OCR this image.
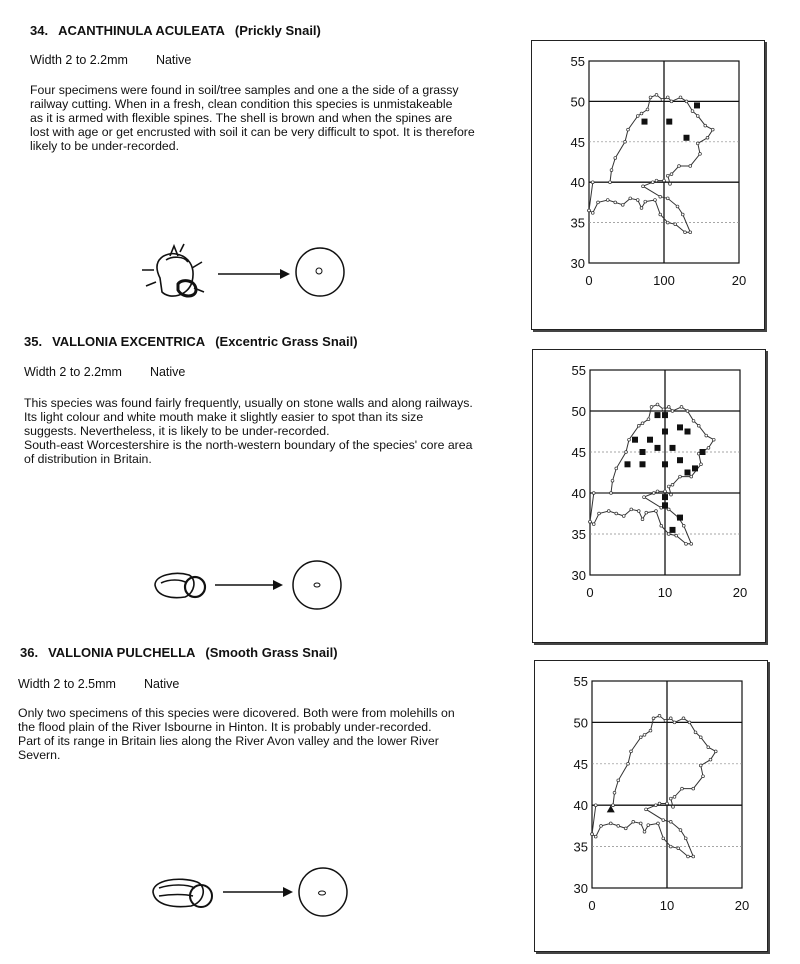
34. ACANTHINULA ACULEATA (Prickly Snail)
Width 2 to 2.2mm Native
Four specimens were found in soil/tree samples and one a the side of a grassy
railway cutting. When in a fresh, clean condition this species is unmistakeable
as it is armed with flexible spines. The shell is brown and when the spines are
lost with age or get encrusted with soil it can be very difficult to spot. It is therefore
likely to be under-recorded.
55
50
45
40
35
30
0	100	20
35. VALLONIA EXCENTRICA (Excentric Grass Snail)
Width 2 to 2.2mm Native
This species was found fairly frequently, usually on stone walls and along railways.
Its light colour and white mouth make it slightly easier to spot than its size
suggests. Nevertheless, it is likely to be under-recorded.
South-east Worcestershire is the north-western boundary of the species' core area
of distribution in Britain.
55
50
45
40
35
30
0	10	20
36. VALLONIA PULCHELLA (Smooth Grass Snail)
Width 2 to 2.5mm Native
Only two specimens of this species were dicovered. Both were from molehills on
the flood plain of the River Isbourne in Hinton. It is probably under-recorded.
Part of its range in Britain lies along the River Avon valley and the lower River
Severn.
55
50
45
40
35
30
0	10	20
